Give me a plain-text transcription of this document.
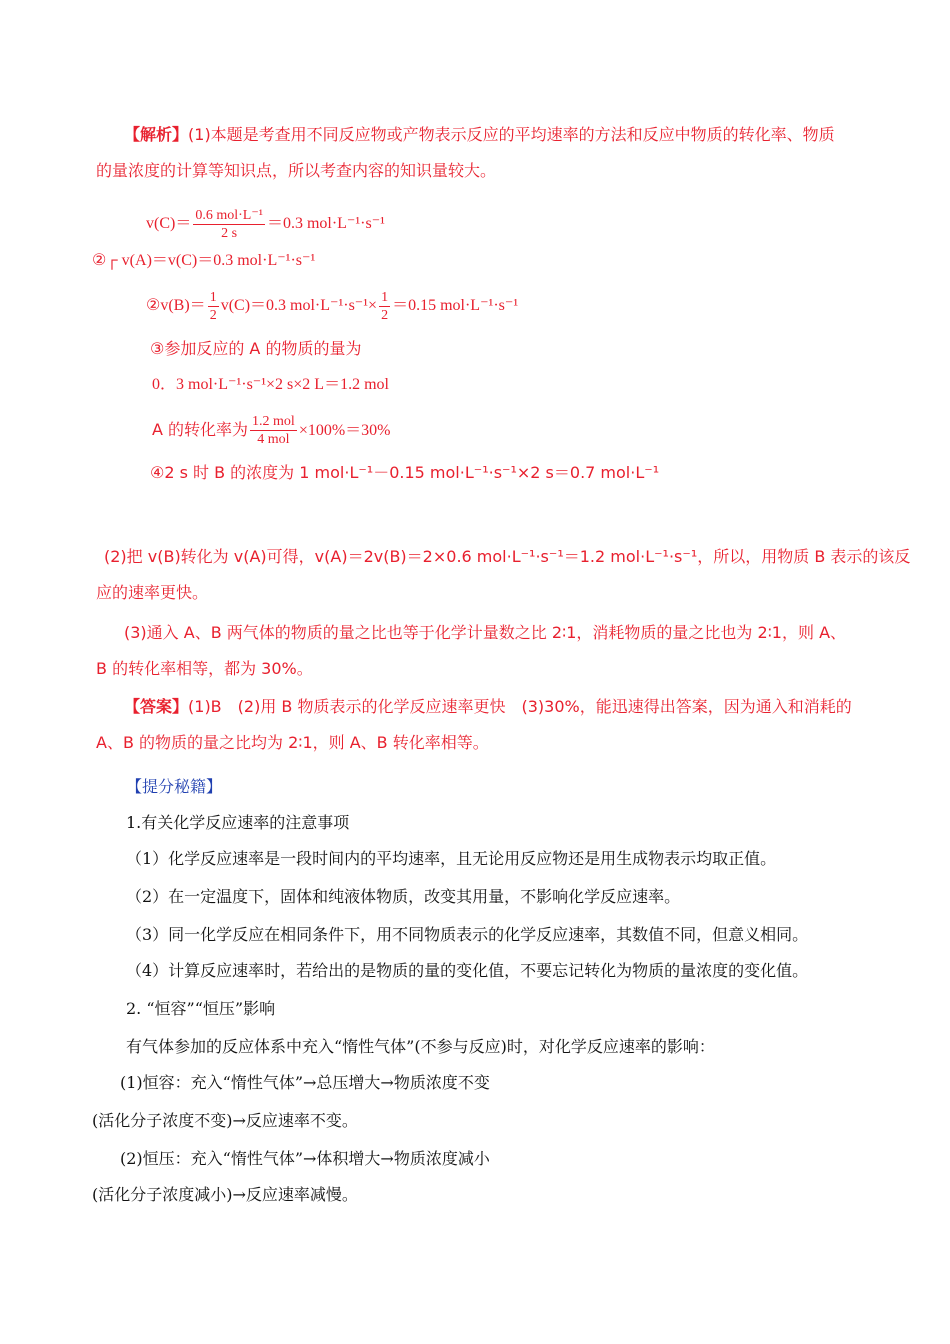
【解析】(1)本题是考查用不同反应物或产物表示反应的平均速率的方法和反应中物质的转化率、物质
的量浓度的计算等知识点，所以考查内容的知识量较大。
$v(C)= \frac{\text{0.6 mol·L⁻¹}}{2 s} =0.3$ mol·L⁻¹·s⁻¹
②┌ v(A)＝v(C)＝0.3 mol·L⁻¹·s⁻¹
②v(B)＝ $\frac{1}{2} v(C)=0.3$ $mol\cdot L^{-1}\cdot s^{-1}\times \frac{1}{2} =0.15$ mol·L⁻¹·s⁻¹
③参加反应的 A 的物质的量为
0．3 mol·L⁻¹·s⁻¹×2 s×2 L＝1.2 mol
A 的转化率为 $\frac{\text{1.2 mol}}{\text{4 mol}} \times 100\%=30\%$
④2 s 时 B 的浓度为 1 mol·L⁻¹－0.15 mol·L⁻¹·s⁻¹×2 s＝0.7 mol·L⁻¹
(2)把 v(B)转化为 v(A)可得，v(A)＝2v(B)＝2×0.6 mol·L⁻¹·s⁻¹＝1.2 mol·L⁻¹·s⁻¹，所以，用物质 B 表示的该反
应的速率更快。
(3)通入 A、B 两气体的物质的量之比也等于化学计量数之比 2∶1，消耗物质的量之比也为 2∶1，则 A、
B 的转化率相等，都为 30%。
【答案】(1)B　(2)用 B 物质表示的化学反应速率更快　(3)30%，能迅速得出答案，因为通入和消耗的
A、B 的物质的量之比均为 2∶1，则 A、B 转化率相等。
【提分秘籍】
1.有关化学反应速率的注意事项
（1）化学反应速率是一段时间内的平均速率，且无论用反应物还是用生成物表示均取正值。
（2）在一定温度下，固体和纯液体物质，改变其用量，不影响化学反应速率。
（3）同一化学反应在相同条件下，用不同物质表示的化学反应速率，其数值不同，但意义相同。
（4）计算反应速率时，若给出的是物质的量的变化值，不要忘记转化为物质的量浓度的变化值。
2. “恒容”“恒压”影响
有气体参加的反应体系中充入“惰性气体”(不参与反应)时，对化学反应速率的影响：
(1)恒容：充入“惰性气体”→总压增大→物质浓度不变
(活化分子浓度不变)→反应速率不变。
(2)恒压：充入“惰性气体”→体积增大→物质浓度减小
(活化分子浓度减小)→反应速率减慢。
